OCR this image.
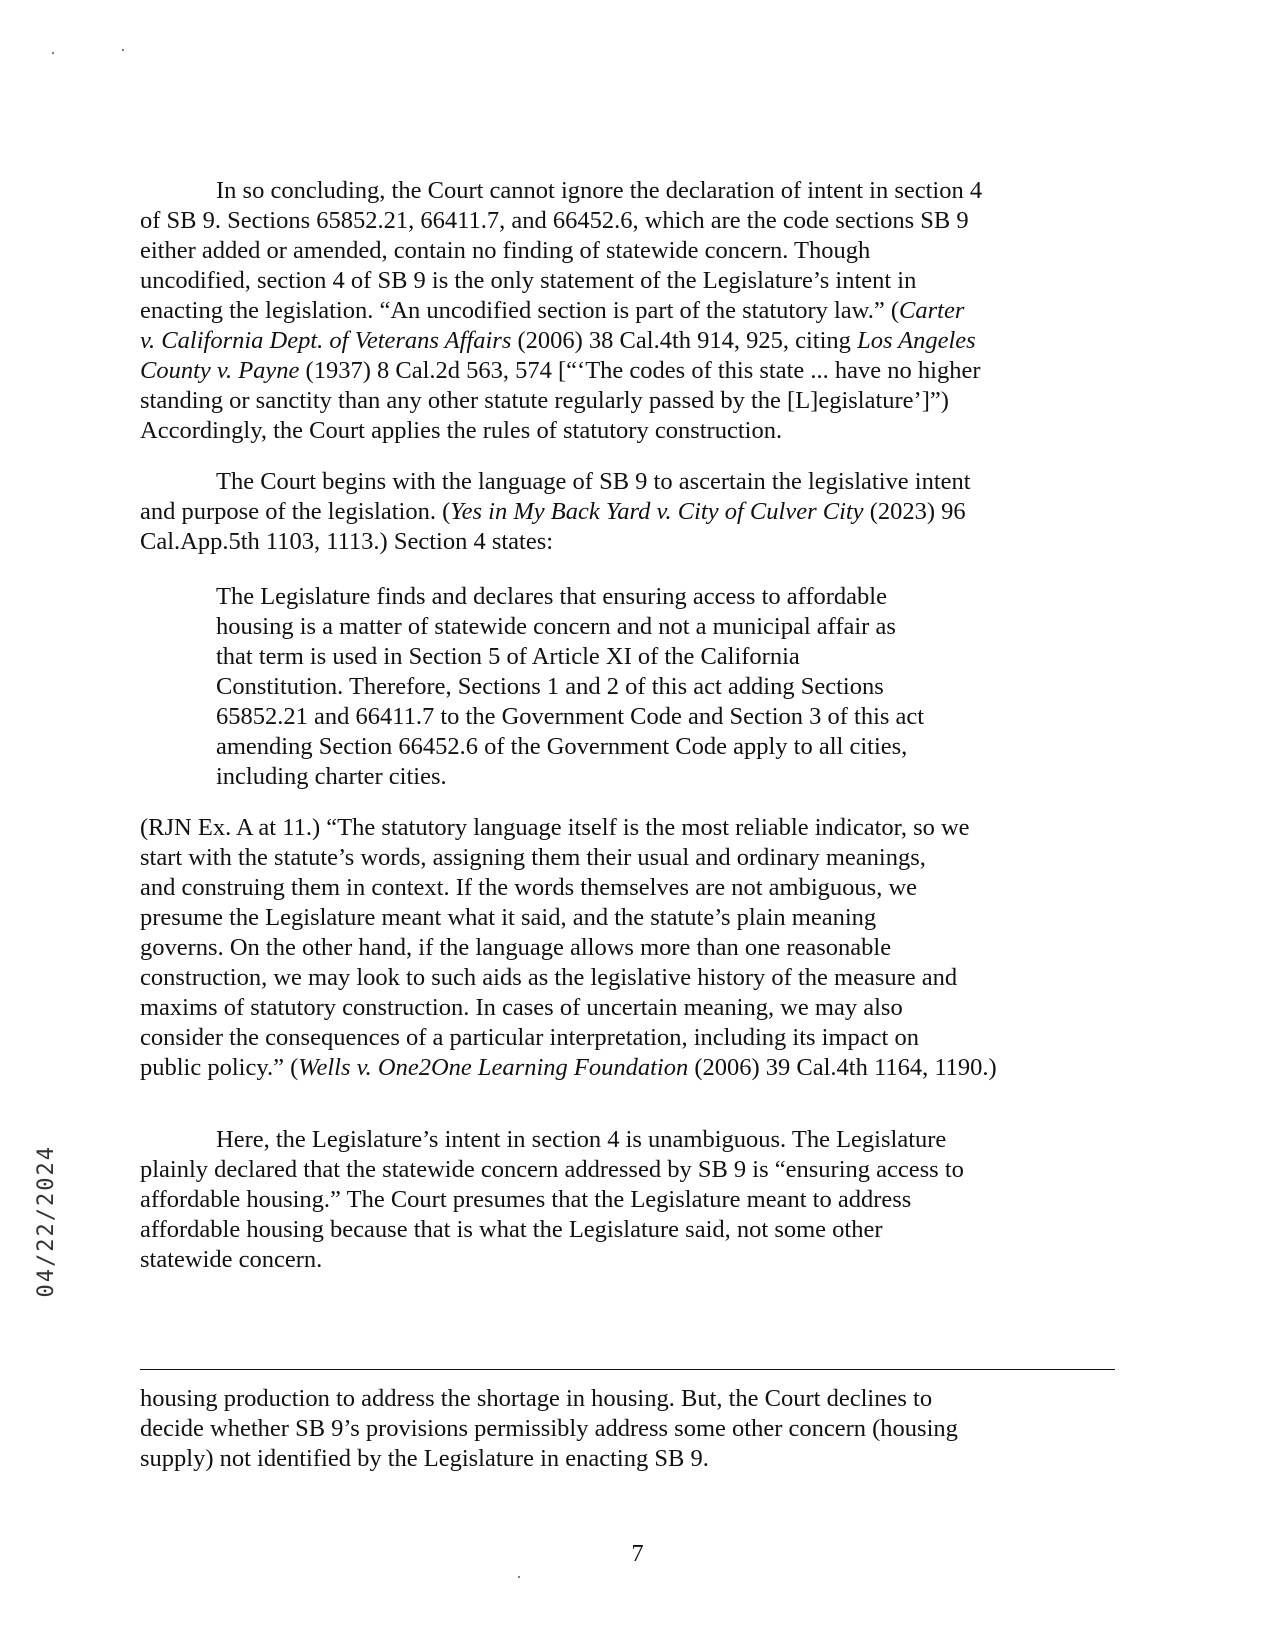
In so concluding, the Court cannot ignore the declaration of intent in section 4
of SB 9. Sections 65852.21, 66411.7, and 66452.6, which are the code sections SB 9
either added or amended, contain no finding of statewide concern. Though
uncodified, section 4 of SB 9 is the only statement of the Legislature’s intent in
enacting the legislation. “An uncodified section is part of the statutory law.” (Carter
v. California Dept. of Veterans Affairs (2006) 38 Cal.4th 914, 925, citing Los Angeles
County v. Payne (1937) 8 Cal.2d 563, 574 [“‘The codes of this state ... have no higher
standing or sanctity than any other statute regularly passed by the [L]egislature’]”)
Accordingly, the Court applies the rules of statutory construction.
The Court begins with the language of SB 9 to ascertain the legislative intent
and purpose of the legislation. (Yes in My Back Yard v. City of Culver City (2023) 96
Cal.App.5th 1103, 1113.) Section 4 states:
The Legislature finds and declares that ensuring access to affordable
housing is a matter of statewide concern and not a municipal affair as
that term is used in Section 5 of Article XI of the California
Constitution. Therefore, Sections 1 and 2 of this act adding Sections
65852.21 and 66411.7 to the Government Code and Section 3 of this act
amending Section 66452.6 of the Government Code apply to all cities,
including charter cities.
(RJN Ex. A at 11.) “The statutory language itself is the most reliable indicator, so we
start with the statute’s words, assigning them their usual and ordinary meanings,
and construing them in context. If the words themselves are not ambiguous, we
presume the Legislature meant what it said, and the statute’s plain meaning
governs. On the other hand, if the language allows more than one reasonable
construction, we may look to such aids as the legislative history of the measure and
maxims of statutory construction. In cases of uncertain meaning, we may also
consider the consequences of a particular interpretation, including its impact on
public policy.” (Wells v. One2One Learning Foundation (2006) 39 Cal.4th 1164, 1190.)
Here, the Legislature’s intent in section 4 is unambiguous. The Legislature
plainly declared that the statewide concern addressed by SB 9 is “ensuring access to
affordable housing.” The Court presumes that the Legislature meant to address
affordable housing because that is what the Legislature said, not some other
statewide concern.
housing production to address the shortage in housing. But, the Court declines to
decide whether SB 9’s provisions permissibly address some other concern (housing
supply) not identified by the Legislature in enacting SB 9.
7
04/22/2024
